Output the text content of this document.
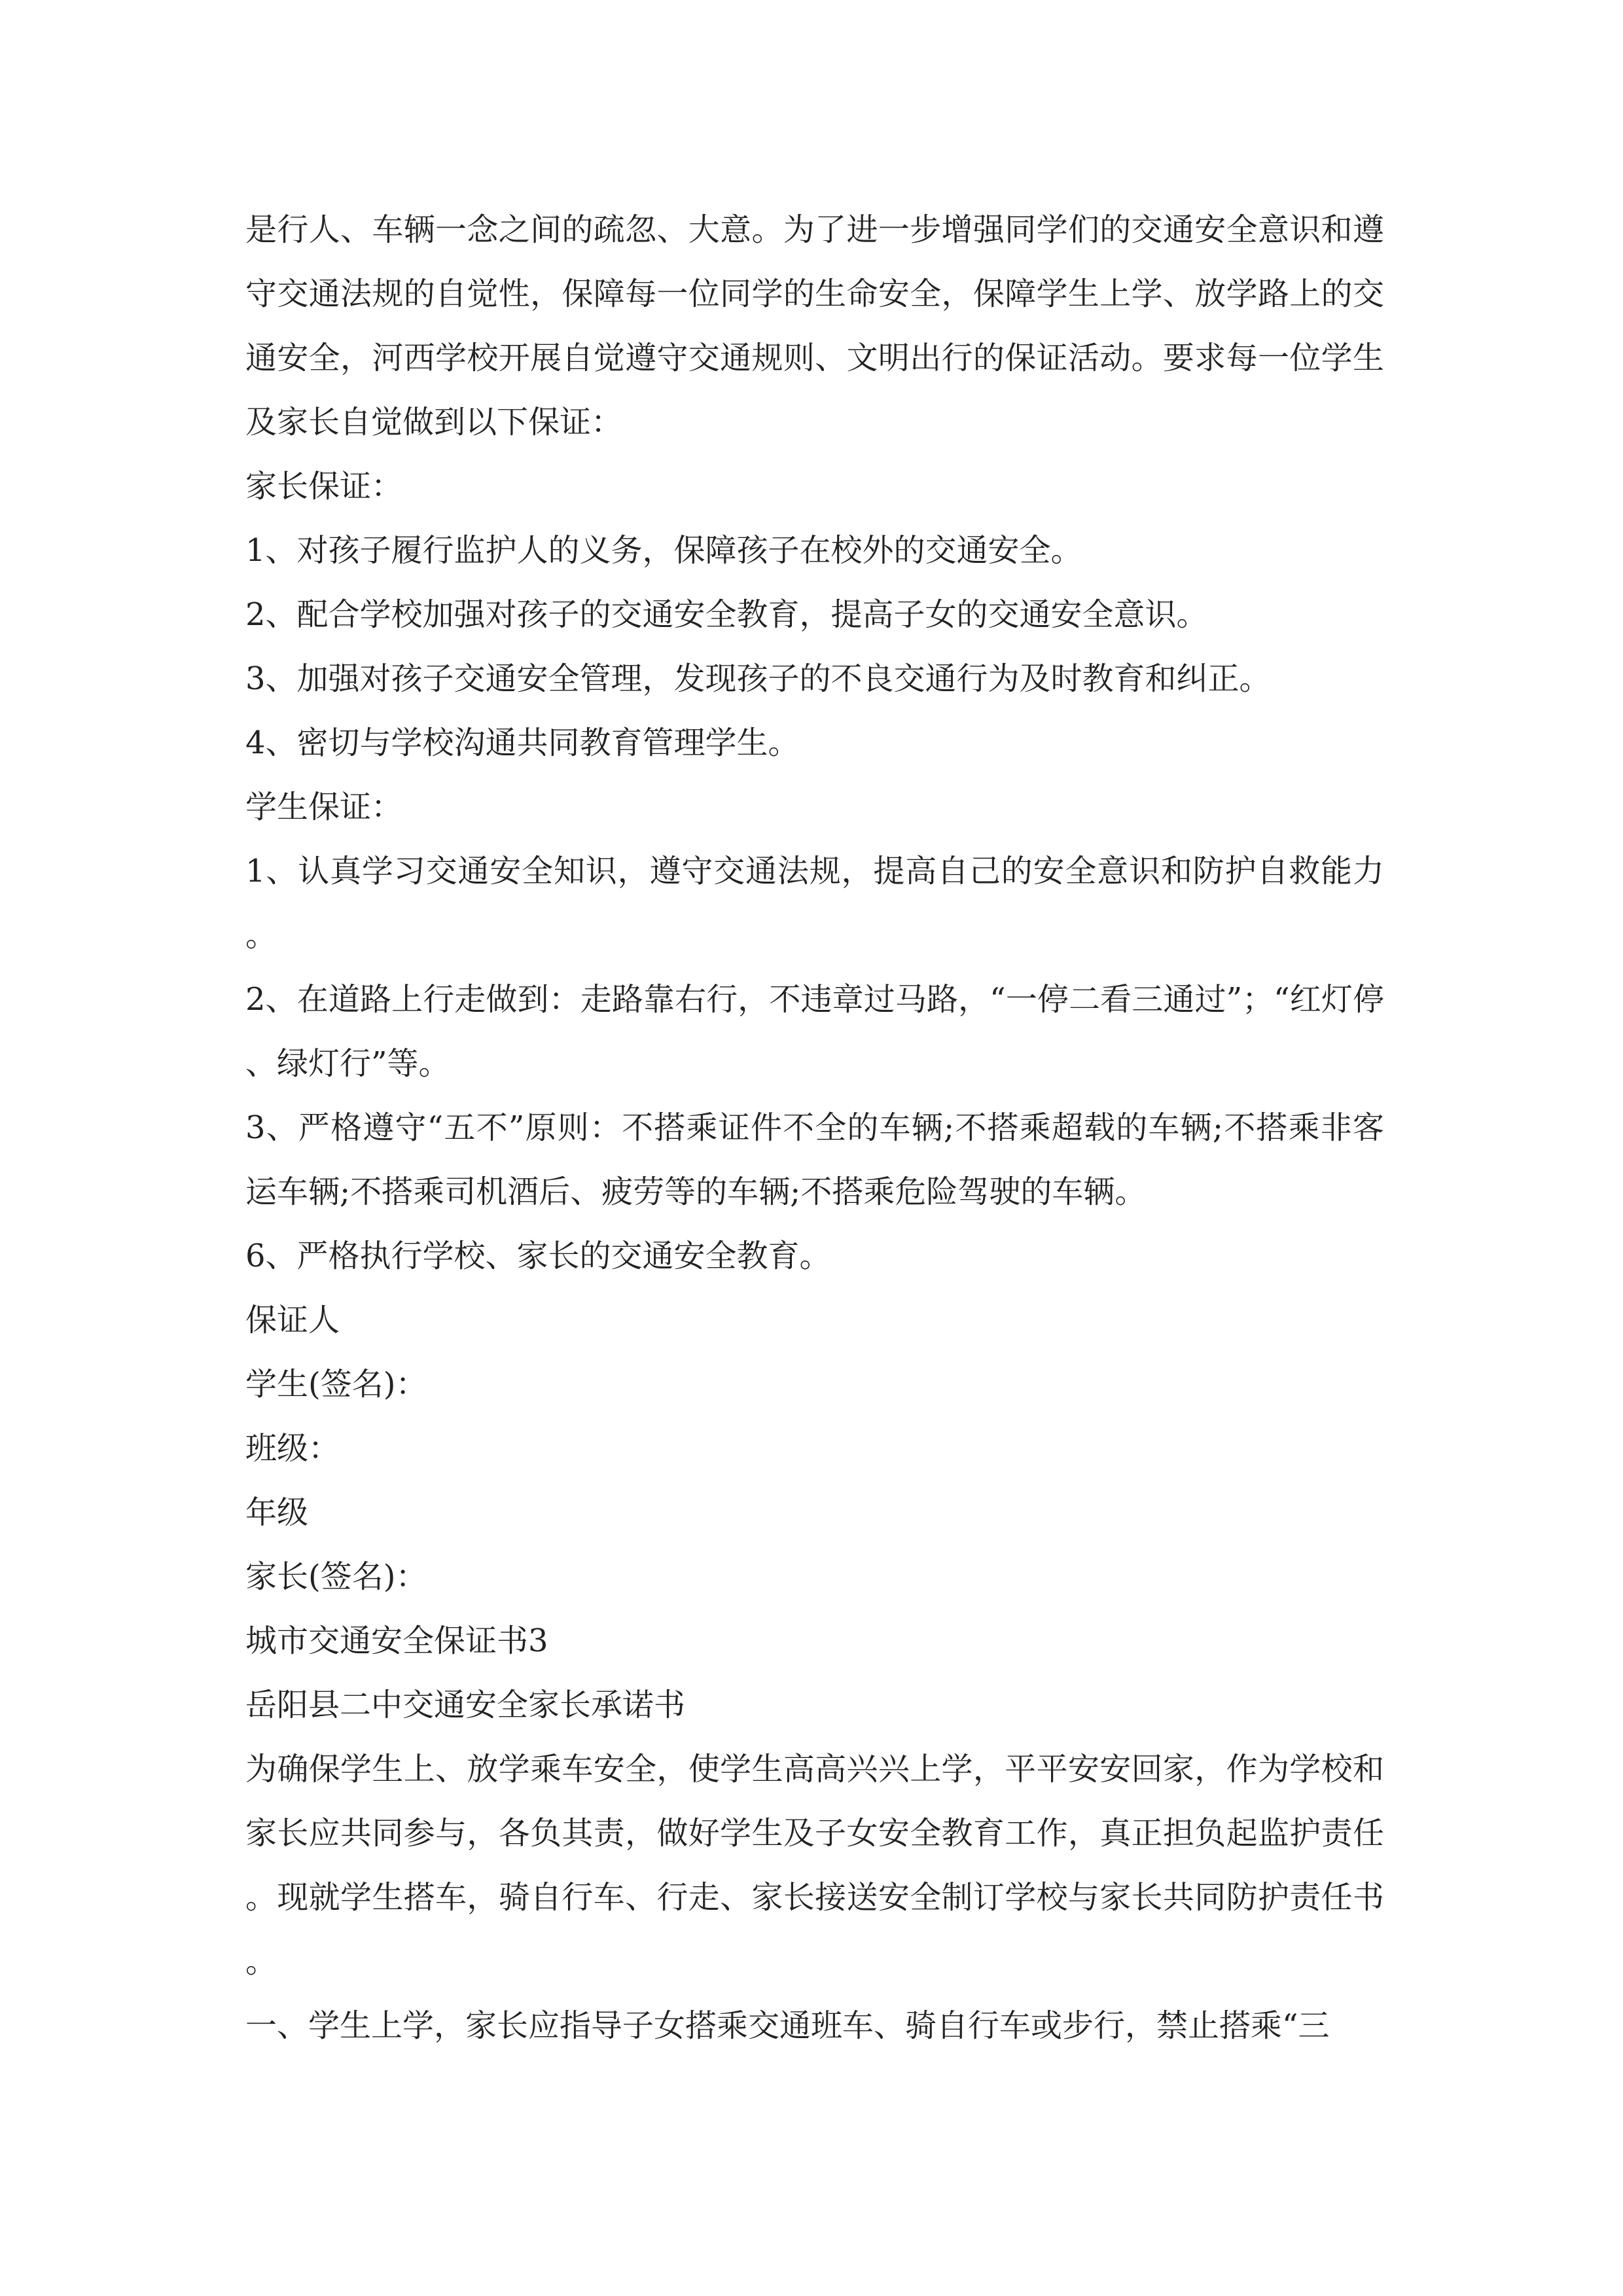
是行人、车辆一念之间的疏忽、大意。为了进一步增强同学们的交通安全意识和遵守交通法规的自觉性，保障每一位同学的生命安全，保障学生上学、放学路上的交通安全，河西学校开展自觉遵守交通规则、文明出行的保证活动。要求每一位学生及家长自觉做到以下保证：

家长保证：

1、对孩子履行监护人的义务，保障孩子在校外的交通安全。

2、配合学校加强对孩子的交通安全教育，提高子女的交通安全意识。

3、加强对孩子交通安全管理，发现孩子的不良交通行为及时教育和纠正。

4、密切与学校沟通共同教育管理学生。

学生保证：

1、认真学习交通安全知识，遵守交通法规，提高自己的安全意识和防护自救能力。

2、在道路上行走做到：走路靠右行，不违章过马路，“一停二看三通过”；“红灯停、绿灯行”等。

3、严格遵守“五不”原则：不搭乘证件不全的车辆;不搭乘超载的车辆;不搭乘非客运车辆;不搭乘司机酒后、疲劳等的车辆;不搭乘危险驾驶的车辆。

6、严格执行学校、家长的交通安全教育。

保证人

学生(签名)：

班级：

年级

家长(签名)：

城市交通安全保证书3

岳阳县二中交通安全家长承诺书

为确保学生上、放学乘车安全，使学生高高兴兴上学，平平安安回家，作为学校和家长应共同参与，各负其责，做好学生及子女安全教育工作，真正担负起监护责任。现就学生搭车，骑自行车、行走、家长接送安全制订学校与家长共同防护责任书。

一、学生上学，家长应指导子女搭乘交通班车、骑自行车或步行，禁止搭乘“三
